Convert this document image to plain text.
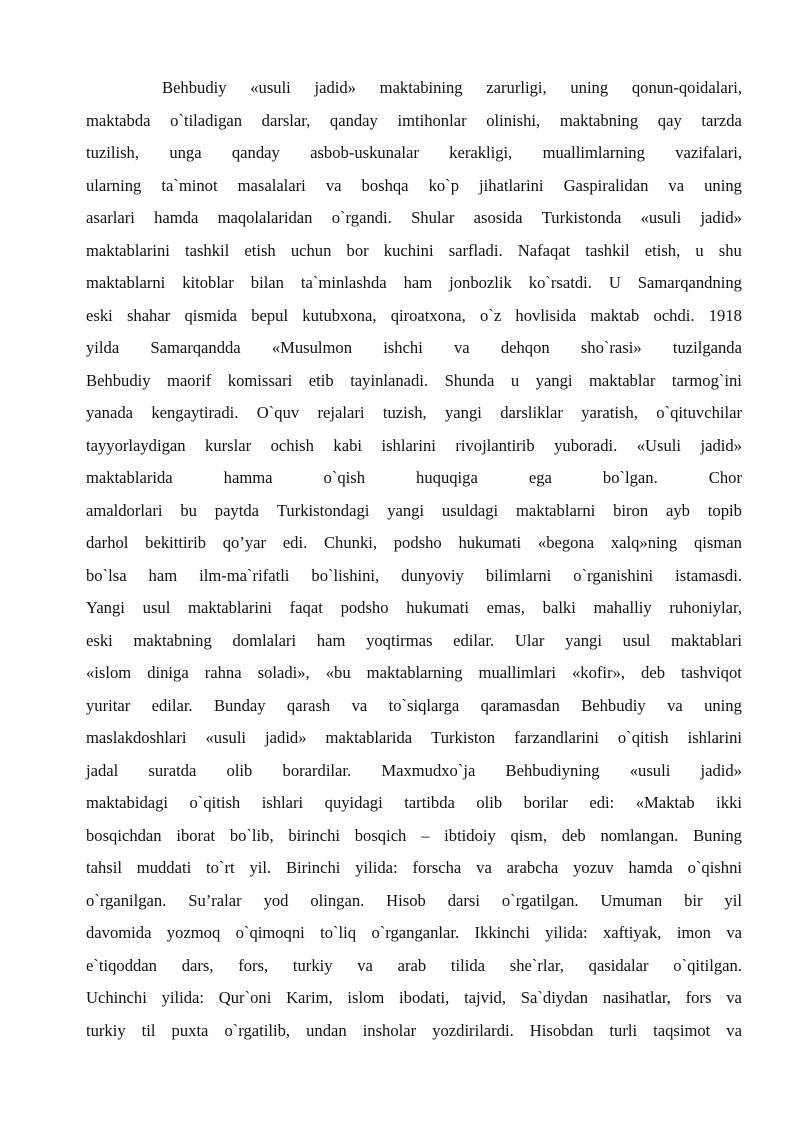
Behbudiy «usuli jadid» maktabining zarurligi, uning qonun-qoidalari,
maktabda o`tiladigan darslar, qanday imtihonlar olinishi, maktabning qay tarzda
tuzilish, unga qanday asbob-uskunalar kerakligi, muallimlarning vazifalari,
ularning ta`minot masalalari va boshqa ko`p jihatlarini Gaspiralidan va uning
asarlari hamda maqolalaridan o`rgandi. Shular asosida Turkistonda «usuli jadid»
maktablarini tashkil etish uchun bor kuchini sarfladi. Nafaqat tashkil etish, u shu
maktablarni kitoblar bilan ta`minlashda ham jonbozlik ko`rsatdi. U Samarqandning
eski shahar qismida bepul kutubxona, qiroatxona, o`z hovlisida maktab ochdi. 1918
yilda Samarqandda «Musulmon ishchi va dehqon sho`rasi» tuzilganda
Behbudiy maorif komissari etib tayinlanadi. Shunda u yangi maktablar tarmog`ini
yanada kengaytiradi. O`quv rejalari tuzish, yangi darsliklar yaratish, o`qituvchilar
tayyorlaydigan kurslar ochish kabi ishlarini rivojlantirib yuboradi. «Usuli jadid»
maktablarida	hamma	o`qish	huquqiga	ega	bo`lgan.	Chor
amaldorlari bu paytda Turkistondagi yangi usuldagi maktablarni biron ayb topib
darhol bekittirib qo’yar edi. Chunki, podsho hukumati «begona xalq»ning qisman
bo`lsa ham ilm-ma`rifatli bo`lishini, dunyoviy bilimlarni o`rganishini istamasdi.
Yangi usul maktablarini faqat podsho hukumati emas, balki mahalliy ruhoniylar,
eski maktabning domlalari ham yoqtirmas edilar. Ular yangi usul maktablari
«islom diniga rahna soladi», «bu maktablarning muallimlari «kofir», deb tashviqot
yuritar edilar. Bunday qarash va to`siqlarga qaramasdan Behbudiy va uning
maslakdoshlari «usuli jadid» maktablarida Turkiston farzandlarini o`qitish ishlarini
jadal suratda olib borardilar. Maxmudxo`ja Behbudiyning «usuli jadid»
maktabidagi o`qitish ishlari quyidagi tartibda olib borilar edi: «Maktab ikki
bosqichdan iborat bo`lib, birinchi bosqich – ibtidoiy qism, deb nomlangan. Buning
tahsil muddati to`rt yil. Birinchi yilida: forscha va arabcha yozuv hamda o`qishni
o`rganilgan. Su’ralar yod olingan. Hisob darsi o`rgatilgan. Umuman bir yil
davomida yozmoq o`qimoqni to`liq o`rganganlar. Ikkinchi yilida: xaftiyak, imon va
e`tiqoddan dars, fors, turkiy va arab tilida she`rlar, qasidalar o`qitilgan.
Uchinchi yilida: Qur`oni Karim, islom ibodati, tajvid, Sa`diydan nasihatlar, fors va
turkiy til puxta o`rgatilib, undan insholar yozdirilardi. Hisobdan turli taqsimot va
